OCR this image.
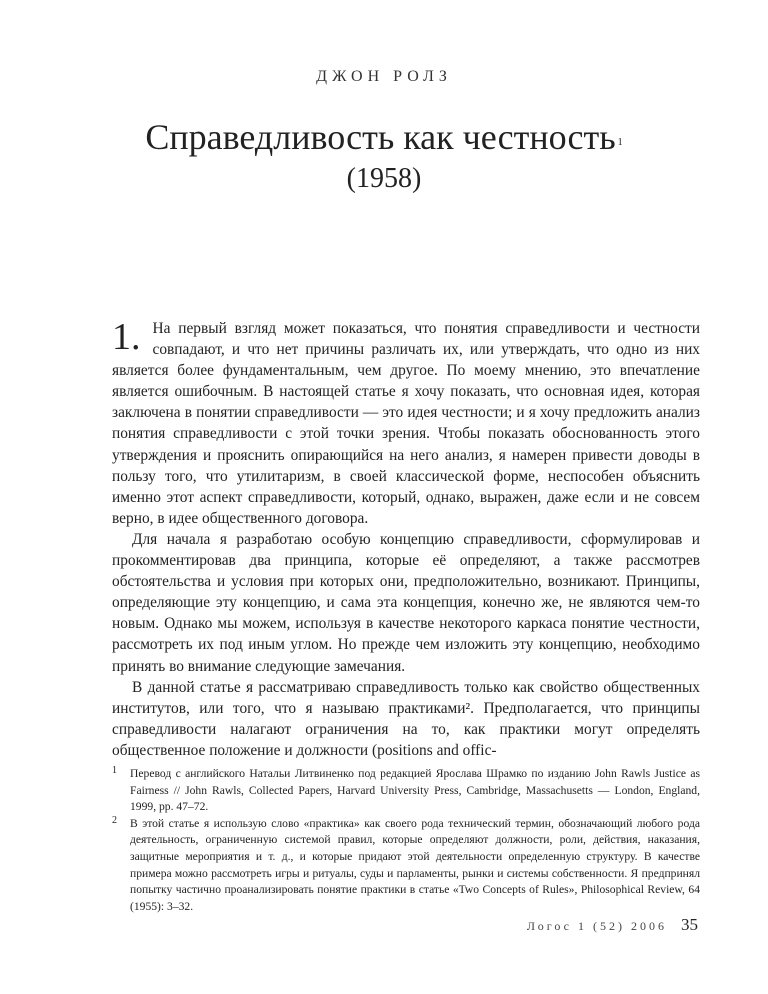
ДЖОН РОЛЗ
Справедливость как честность $^1$
(1958)
1. На первый взгляд может показаться, что понятия справедливости и честности совпадают, и что нет причины различать их, или утверждать, что одно из них является более фундаментальным, чем другое. По моему мнению, это впечатление является ошибочным. В настоящей статье я хочу показать, что основная идея, которая заключена в понятии справедливости — это идея честности; и я хочу предложить анализ понятия справедливости с этой точки зрения. Чтобы показать обоснованность этого утверждения и прояснить опирающийся на него анализ, я намерен привести доводы в пользу того, что утилитаризм, в своей классической форме, неспособен объяснить именно этот аспект справедливости, который, однако, выражен, даже если и не совсем верно, в идее общественного договора.

Для начала я разработаю особую концепцию справедливости, сформулировав и прокомментировав два принципа, которые её определяют, а также рассмотрев обстоятельства и условия при которых они, предположительно, возникают. Принципы, определяющие эту концепцию, и сама эта концепция, конечно же, не являются чем-то новым. Однако мы можем, используя в качестве некоторого каркаса понятие честности, рассмотреть их под иным углом. Но прежде чем изложить эту концепцию, необходимо принять во внимание следующие замечания.

В данной статье я рассматриваю справедливость только как свойство общественных институтов, или того, что я называю практиками². Предполагается, что принципы справедливости налагают ограничения на то, как практики могут определять общественное положение и должности (positions and offic-

1 Перевод с английского Натальи Литвиненко под редакцией Ярослава Шрамко по изданию John Rawls Justice as Fairness // John Rawls, Collected Papers, Harvard University Press, Cambridge, Massachusetts — London, England, 1999, pp. 47–72.

2 В этой статье я использую слово «практика» как своего рода технический термин, обозначающий любого рода деятельность, ограниченную системой правил, которые определяют должности, роли, действия, наказания, защитные мероприятия и т. д., и которые придают этой деятельности определенную структуру. В качестве примера можно рассмотреть игры и ритуалы, суды и парламенты, рынки и системы собственности. Я предпринял попытку частично проанализировать понятие практики в статье «Two Concepts of Rules», Philosophical Review, 64 (1955): 3–32.

Логос 1 (52) 2006 35
